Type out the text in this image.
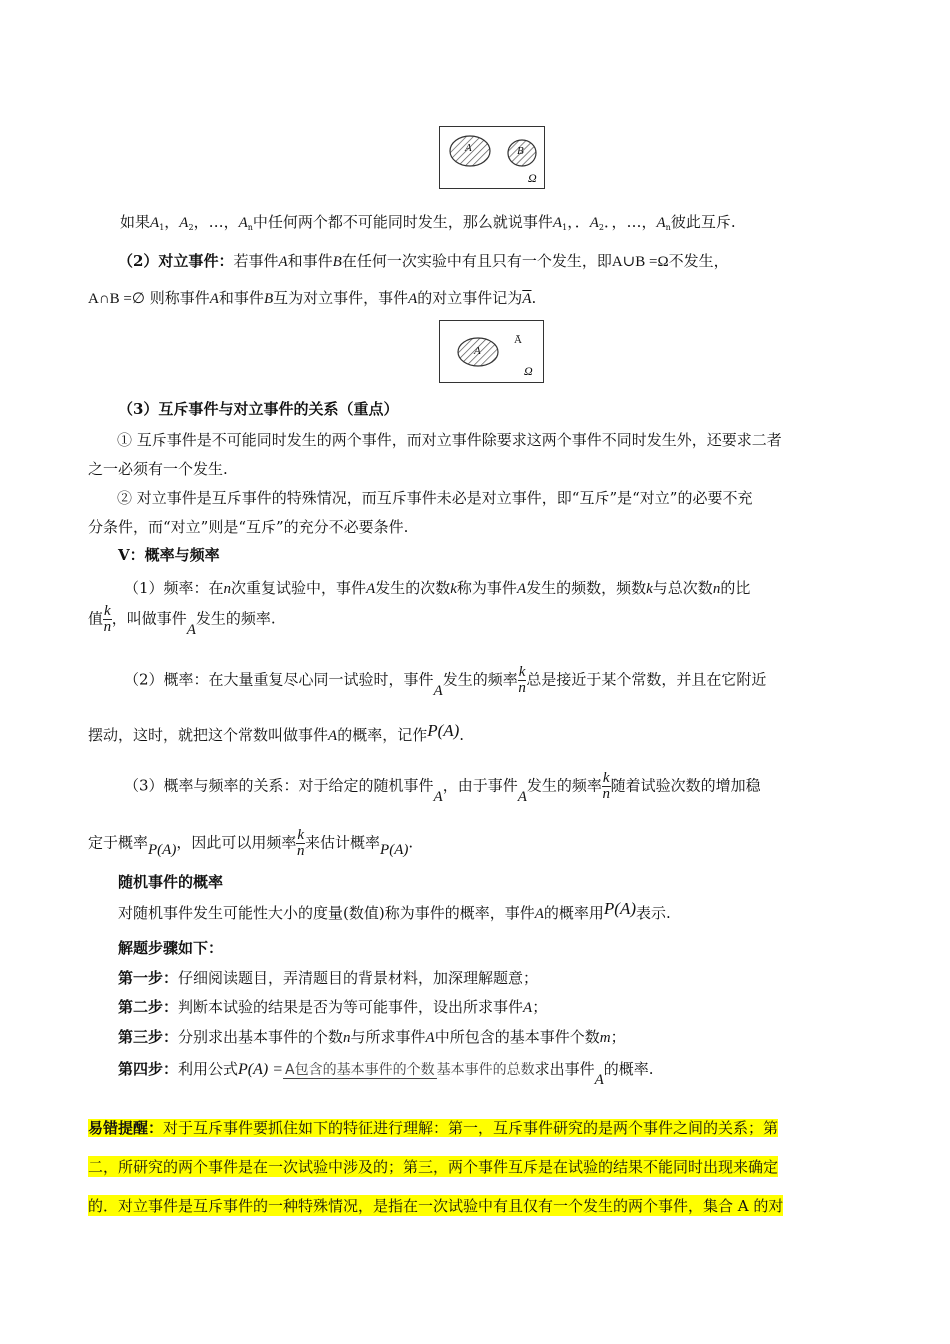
A	B
Ω
如果$A_1$，$A_2$，…，$A_n$中任何两个都不可能同时发生，那么就说事件$A_1$，．$A_2$．，…，$A_n$彼此互斥.
（2）对立事件：若事件A和事件B在任何一次实验中有且只有一个发生，即A∪B =Ω不发生，
A∩B =∅ 则称事件A和事件B互为对立事件，事件A的对立事件记为$\overline{A}$.
A
Ā
Ω
（3）互斥事件与对立事件的关系（重点）
① 互斥事件是不可能同时发生的两个事件，而对立事件除要求这两个事件不同时发生外，还要求二者
之一必须有一个发生.
② 对立事件是互斥事件的特殊情况，而互斥事件未必是对立事件，即“互斥”是“对立”的必要不充
分条件，而“对立”则是“互斥”的充分不必要条件.
V：概率与频率
（1）频率：在n次重复试验中，事件A发生的次数k称为事件A发生的频数，频数k与总次数n的比
值 $\frac{k}{n}$ ，叫做事件A发生的频率.
（2）概率：在大量重复尽心同一试验时，事件A发生的频率 $\frac{k}{n}$ 总是接近于某个常数，并且在它附近
摆动，这时，就把这个常数叫做事件A的概率，记作P(A).
（3）概率与频率的关系：对于给定的随机事件A，由于事件A发生的频率 $\frac{k}{n}$ 随着试验次数的增加稳
定于概率P(A)，因此可以用频率 $\frac{k}{n}$ 来估计概率P(A).
随机事件的概率
对随机事件发生可能性大小的度量(数值)称为事件的概率，事件A的概率用P(A)表示.
解题步骤如下：
第一步：仔细阅读题目，弄清题目的背景材料，加深理解题意；
第二步：判断本试验的结果是否为等可能事件，设出所求事件A；
第三步：分别求出基本事件的个数n与所求事件A中所包含的基本事件个数m；
第四步：利用公式P(A) = A包含的基本事件的个数 基本事件的总数求出事件A的概率.
易错提醒：对于互斥事件要抓住如下的特征进行理解：第一，互斥事件研究的是两个事件之间的关系；第
二，所研究的两个事件是在一次试验中涉及的；第三，两个事件互斥是在试验的结果不能同时出现来确定
的．对立事件是互斥事件的一种特殊情况，是指在一次试验中有且仅有一个发生的两个事件，集合 A 的对
